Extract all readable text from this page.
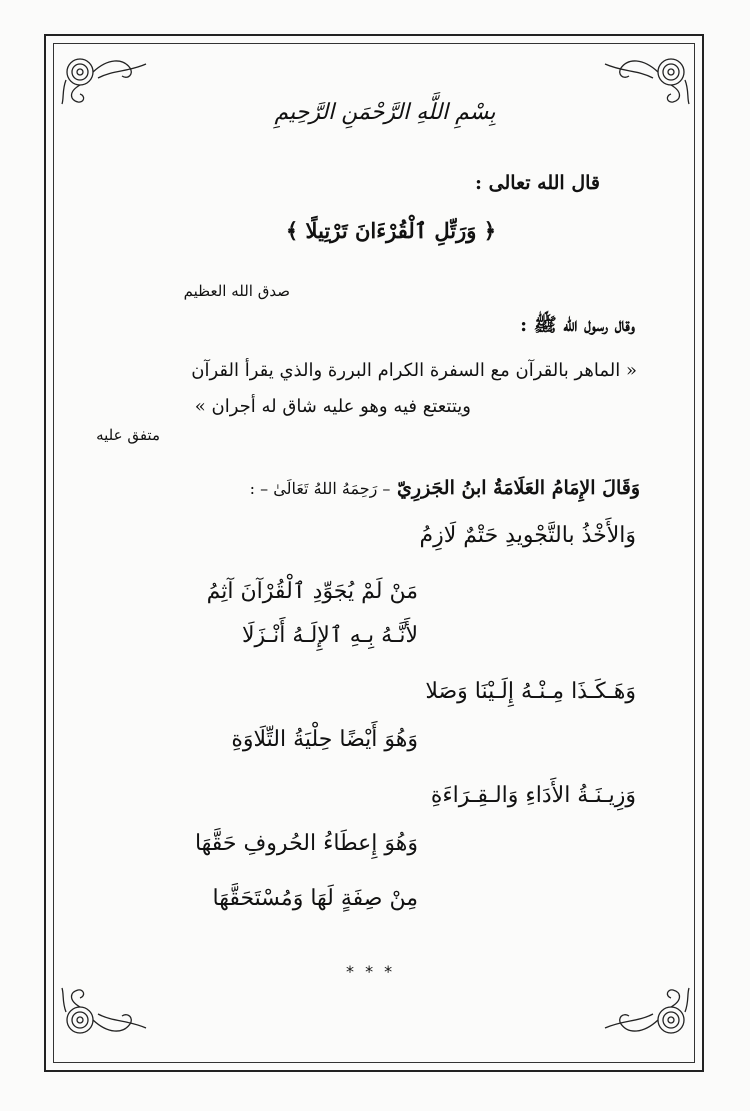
بِسْمِ اللَّهِ الرَّحْمَنِ الرَّحِيمِ
قال الله تعالى :
﴿ وَرَتِّلِ ٱلْقُرْءَانَ تَرْتِيلًا ﴾
صدق الله العظيم
وقال رسول الله ﷺ :
« الماهر بالقرآن مع السفرة الكرام البررة والذي يقرأ القرآن
ويتتعتع فيه وهو عليه شاق له أجران »
متفق عليه
وَقَالَ الإِمَامُ العَلَامَةُ ابنُ الجَزرِيّ – رَحِمَهُ اللهُ تَعَالَىٰ – :
وَالأَخْذُ بالتَّجْويدِ حَتْمٌ لَازِمُ
مَنْ لَمْ يُجَوِّدِ ٱلْقُرْآنَ آثِمُ
لأَنَّـهُ بِـهِ ٱلإِلَـهُ أَنْـزَلَا
وَهَـكَـذَا مِـنْـهُ إِلَـيْنَا وَصَلا
وَهُوَ أَيْضًا حِلْيَةُ التِّلَاوَةِ
وَزِيـنَـةُ الأَدَاءِ وَالـقِـرَاءَةِ
وَهُوَ إِعطَاءُ الحُروفِ حَقَّهَا
مِنْ صِفَةٍ لَهَا وَمُسْتَحَقَّهَا
* * *
